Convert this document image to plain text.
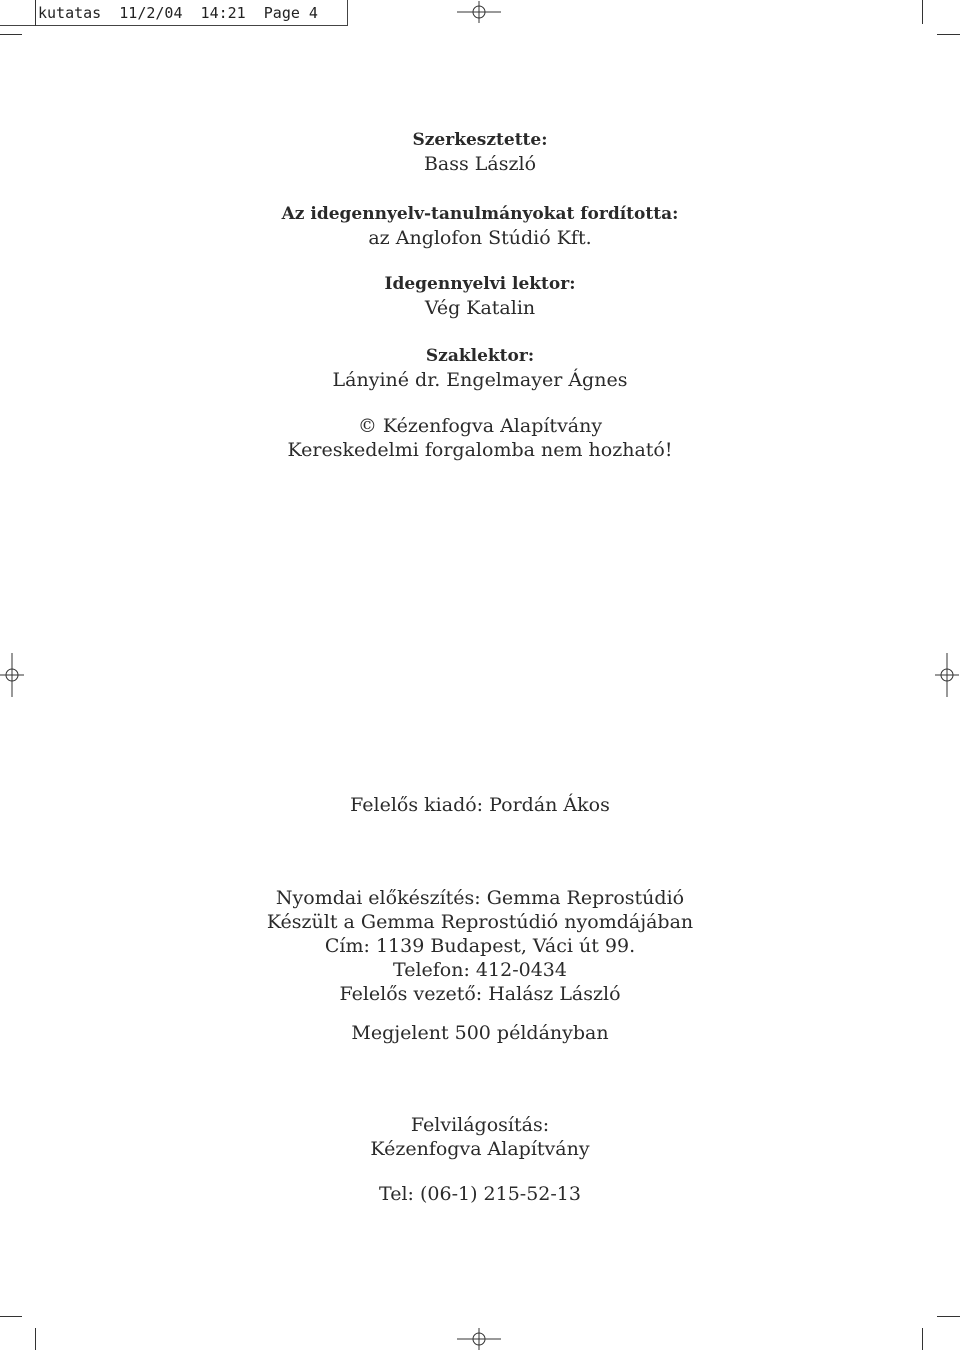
kutatas  11/2/04  14:21  Page 4
Szerkesztette:
Bass László
Az idegennyelv-tanulmányokat fordította:
az Anglofon Stúdió Kft.
Idegennyelvi lektor:
Vég Katalin
Szaklektor:
Lányiné dr. Engelmayer Ágnes
© Kézenfogva Alapítvány
Kereskedelmi forgalomba nem hozható!
Felelős kiadó: Pordán Ákos
Nyomdai előkészítés: Gemma Reprostúdió
Készült a Gemma Reprostúdió nyomdájában
Cím: 1139 Budapest, Váci út 99.
Telefon: 412-0434
Felelős vezető: Halász László
Megjelent 500 példányban
Felvilágosítás:
Kézenfogva Alapítvány
Tel: (06-1) 215-52-13
